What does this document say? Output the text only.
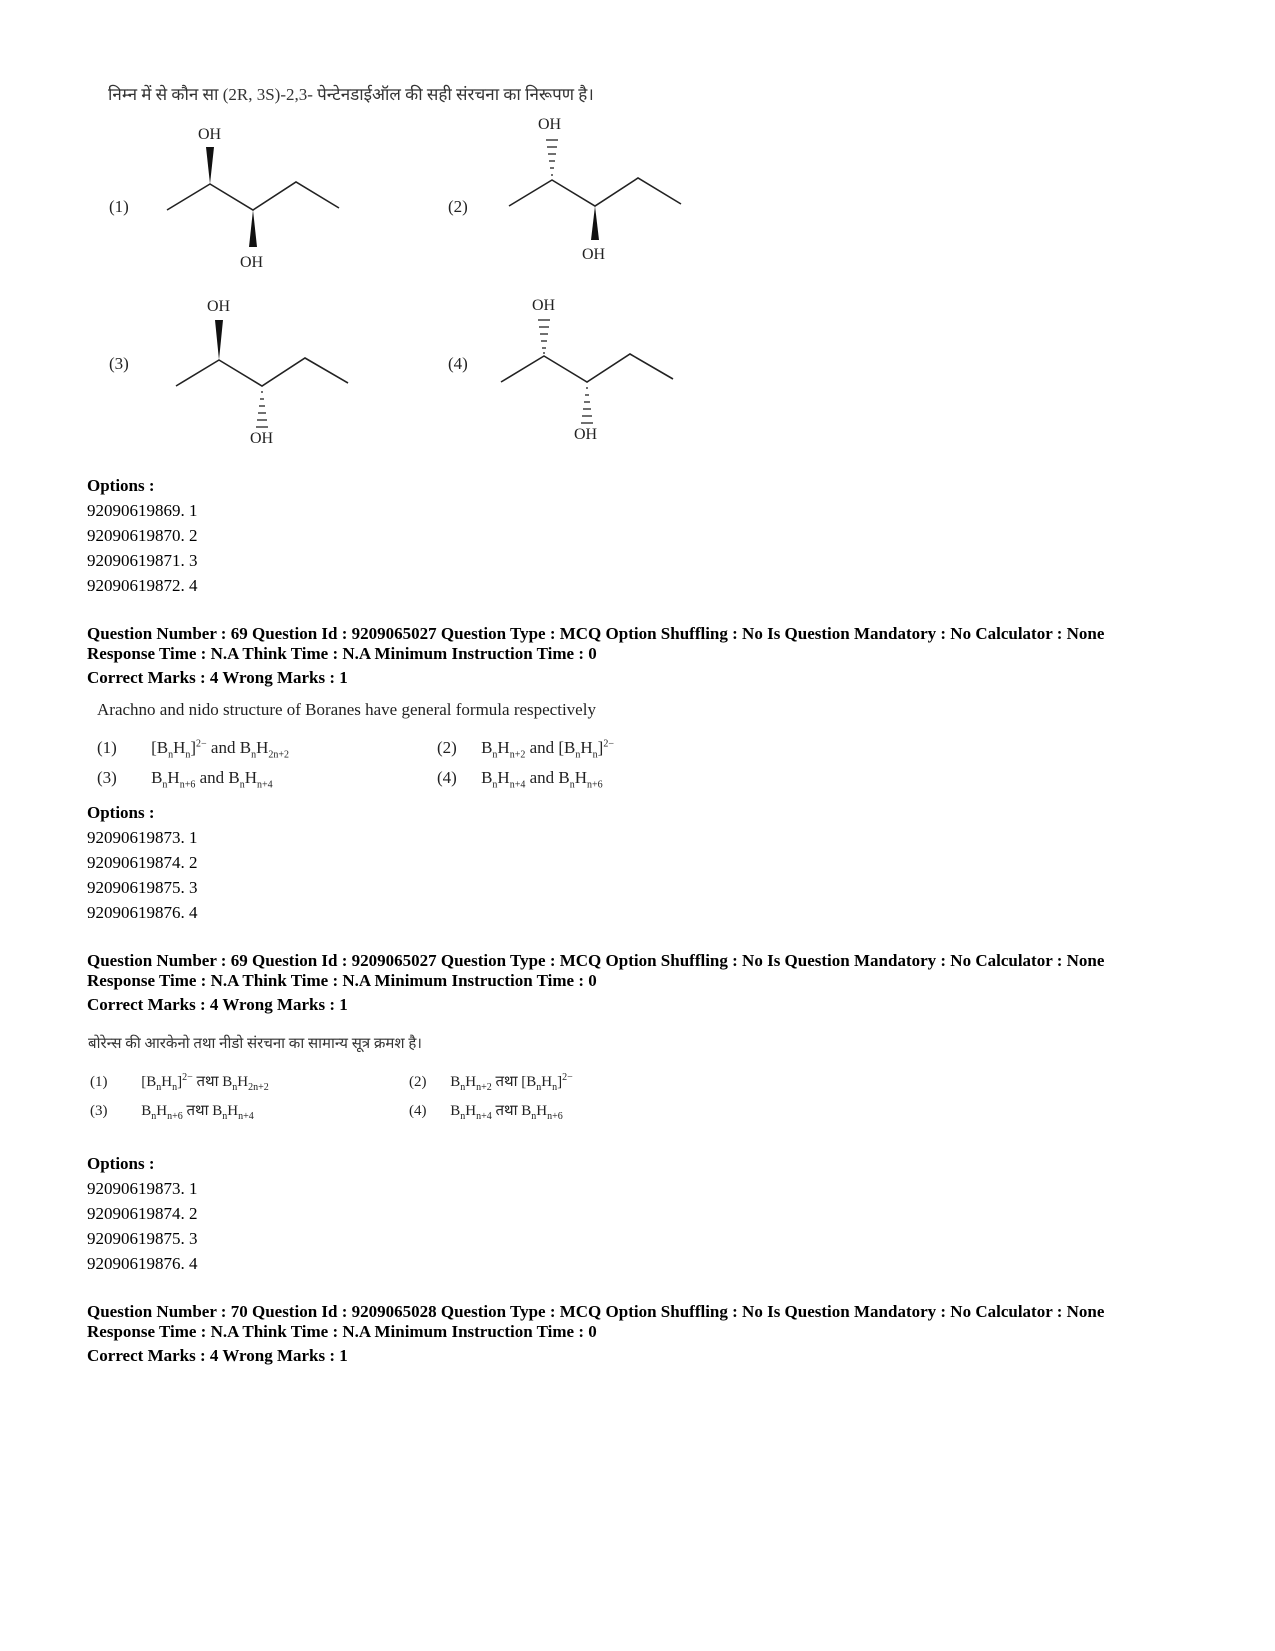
निम्न में से कौन सा (2R, 3S)-2,3- पेन्टेनडाईऑल की सही संरचना का निरूपण है।
(1)	(2)
(3)	(4)
OH
OH
OH
OH
OH
OH
OH
OH
Options :
92090619869. 1
92090619870. 2
92090619871. 3
92090619872. 4
Question Number : 69 Question Id : 9209065027 Question Type : MCQ Option Shuffling : No Is Question Mandatory : No Calculator : None
Response Time : N.A Think Time : N.A Minimum Instruction Time : 0
Correct Marks : 4 Wrong Marks : 1
Arachno and nido structure of Boranes have general formula respectively
(1) $[B_nH_n]^{2-}$ and $B_nH_{2n+2}$	(2) $B_nH_{n+2}$ and $[B_nH_n]^{2-}$
(3) $B_nH_{n+6}$ and $B_nH_{n+4}$	(4) $B_nH_{n+4}$ and $B_nH_{n+6}$
Options :
92090619873. 1
92090619874. 2
92090619875. 3
92090619876. 4
Question Number : 69 Question Id : 9209065027 Question Type : MCQ Option Shuffling : No Is Question Mandatory : No Calculator : None
Response Time : N.A Think Time : N.A Minimum Instruction Time : 0
Correct Marks : 4 Wrong Marks : 1
बोरेन्स की आरकेनो तथा नीडो संरचना का सामान्य सूत्र क्रमश है।
(1) $[B_nH_n]^{2-}$ तथा $B_nH_{2n+2}$	(2) $B_nH_{n+2}$ तथा $[B_nH_n]^{2-}$
(3) $B_nH_{n+6}$ तथा $B_nH_{n+4}$	(4) $B_nH_{n+4}$ तथा $B_nH_{n+6}$
Options :
92090619873. 1
92090619874. 2
92090619875. 3
92090619876. 4
Question Number : 70 Question Id : 9209065028 Question Type : MCQ Option Shuffling : No Is Question Mandatory : No Calculator : None
Response Time : N.A Think Time : N.A Minimum Instruction Time : 0
Correct Marks : 4 Wrong Marks : 1
